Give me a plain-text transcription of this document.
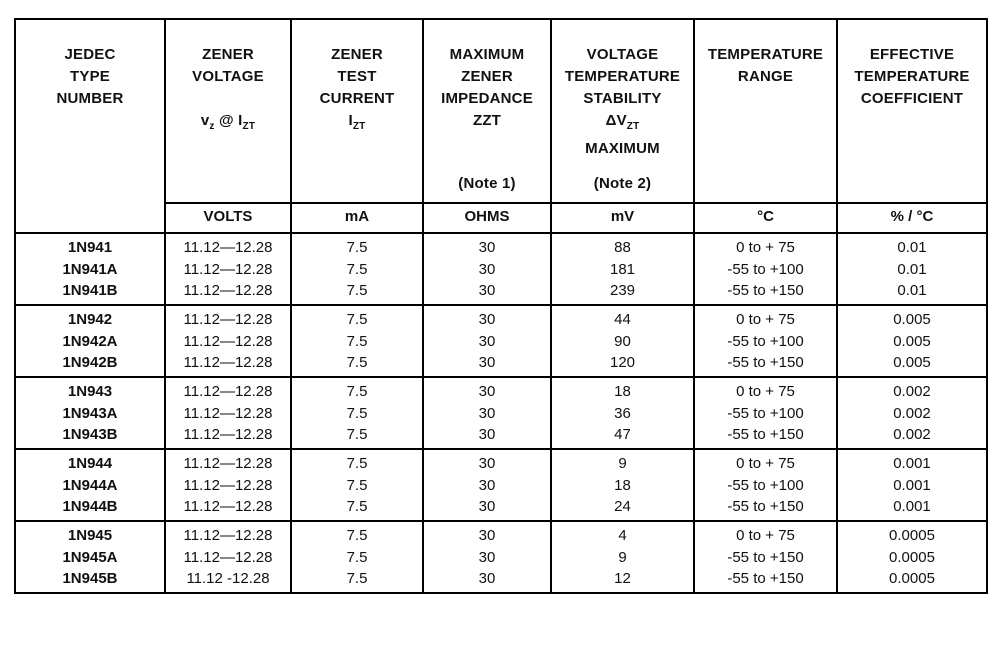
JEDEC
TYPE
NUMBER

ZENER
VOLTAGE

$v_z$ @ $I_{ZT}$

ZENER
TEST
CURRENT
$I_{ZT}$

MAXIMUM
ZENER
IMPEDANCE
ZZT
(Note 1)

VOLTAGE
TEMPERATURE
STABILITY
$\Delta V_{ZT}$
MAXIMUM
(Note 2)

TEMPERATURE
RANGE

EFFECTIVE
TEMPERATURE
COEFFICIENT

	VOLTS	mA	OHMS	mV	°C	% / °C
1N941	11.12—12.28	7.5	30	88	0 to + 75	0.01
1N941A	11.12—12.28	7.5	30	181	-55 to +100	0.01
1N941B	11.12—12.28	7.5	30	239	-55 to +150	0.01
1N942	11.12—12.28	7.5	30	44	0 to + 75	0.005
1N942A	11.12—12.28	7.5	30	90	-55 to +100	0.005
1N942B	11.12—12.28	7.5	30	120	-55 to +150	0.005
1N943	11.12—12.28	7.5	30	18	0 to + 75	0.002
1N943A	11.12—12.28	7.5	30	36	-55 to +100	0.002
1N943B	11.12—12.28	7.5	30	47	-55 to +150	0.002
1N944	11.12—12.28	7.5	30	9	0 to + 75	0.001
1N944A	11.12—12.28	7.5	30	18	-55 to +100	0.001
1N944B	11.12—12.28	7.5	30	24	-55 to +150	0.001
1N945	11.12—12.28	7.5	30	4	0 to + 75	0.0005
1N945A	11.12—12.28	7.5	30	9	-55 to +150	0.0005
1N945B	11.12 -12.28	7.5	30	12	-55 to +150	0.0005
